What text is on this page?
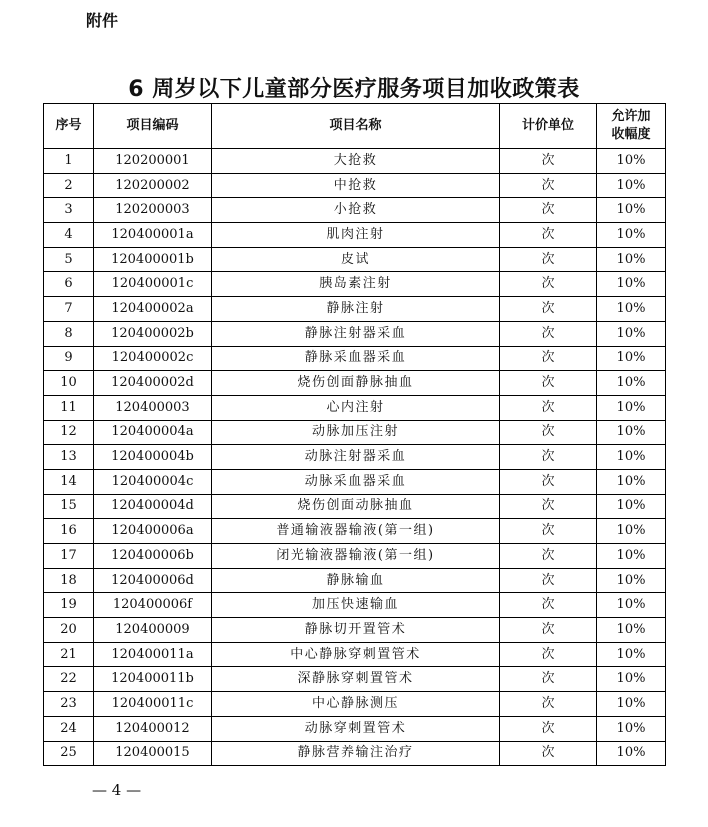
附件
6 周岁以下儿童部分医疗服务项目加收政策表
序号	项目编码	项目名称	计价单位	允许加
收幅度
1	120200001	大抢救	次	10%
2	120200002	中抢救	次	10%
3	120200003	小抢救	次	10%
4	120400001a	肌肉注射	次	10%
5	120400001b	皮试	次	10%
6	120400001c	胰岛素注射	次	10%
7	120400002a	静脉注射	次	10%
8	120400002b	静脉注射器采血	次	10%
9	120400002c	静脉采血器采血	次	10%
10	120400002d	烧伤创面静脉抽血	次	10%
11	120400003	心内注射	次	10%
12	120400004a	动脉加压注射	次	10%
13	120400004b	动脉注射器采血	次	10%
14	120400004c	动脉采血器采血	次	10%
15	120400004d	烧伤创面动脉抽血	次	10%
16	120400006a	普通输液器输液(第一组)	次	10%
17	120400006b	闭光输液器输液(第一组)	次	10%
18	120400006d	静脉输血	次	10%
19	120400006f	加压快速输血	次	10%
20	120400009	静脉切开置管术	次	10%
21	120400011a	中心静脉穿刺置管术	次	10%
22	120400011b	深静脉穿刺置管术	次	10%
23	120400011c	中心静脉测压	次	10%
24	120400012	动脉穿刺置管术	次	10%
25	120400015	静脉营养输注治疗	次	10%
— 4 —
